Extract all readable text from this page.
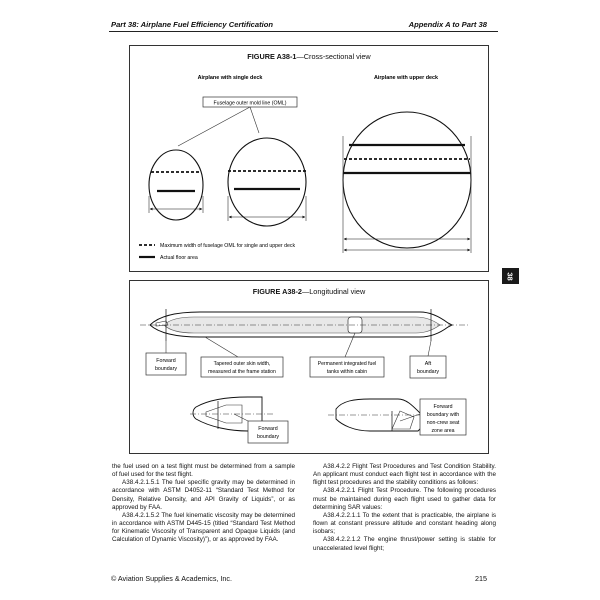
Part 38: Airplane Fuel Efficiency Certification	Appendix A to Part 38
FIGURE A38-1—Cross-sectional view
Airplane with single deck	Airplane with upper deck
Fuselage outer mold line (OML)
Maximum width of fuselage OML for single and upper deck
Actual floor area
FIGURE A38-2—Longitudinal view
Forward
boundary
Tapered outer skin width,
measured at the frame station
Permanent integrated fuel
tanks within cabin
Aft
boundary
Forward
boundary
Forward
boundary with
non-crew seat
zone area
38

the fuel used on a test flight must be determined from a sample of fuel used for the test flight.

A38.4.2.1.5.1 The fuel specific gravity may be determined in accordance with ASTM D4052-11 “Standard Test Method for Density, Relative Density, and API Gravity of Liquids”, or as approved by FAA.

A38.4.2.1.5.2 The fuel kinematic viscosity may be determined in accordance with ASTM D445-15 (titled “Standard Test Method for Kinematic Viscosity of Transparent and Opaque Liquids (and Calculation of Dynamic Viscosity)”), or as approved by FAA.

A38.4.2.2 Flight Test Procedures and Test Condition Stability. An applicant must conduct each flight test in accordance with the flight test procedures and the stability conditions as follows:

A38.4.2.2.1 Flight Test Procedure. The following procedures must be maintained during each flight used to gather data for determining SAR values:

A38.4.2.2.1.1 To the extent that is practicable, the airplane is flown at constant pressure altitude and constant heading along isobars;

A38.4.2.2.1.2 The engine thrust/power setting is stable for unaccelerated level flight;

© Aviation Supplies & Academics, Inc.	215
